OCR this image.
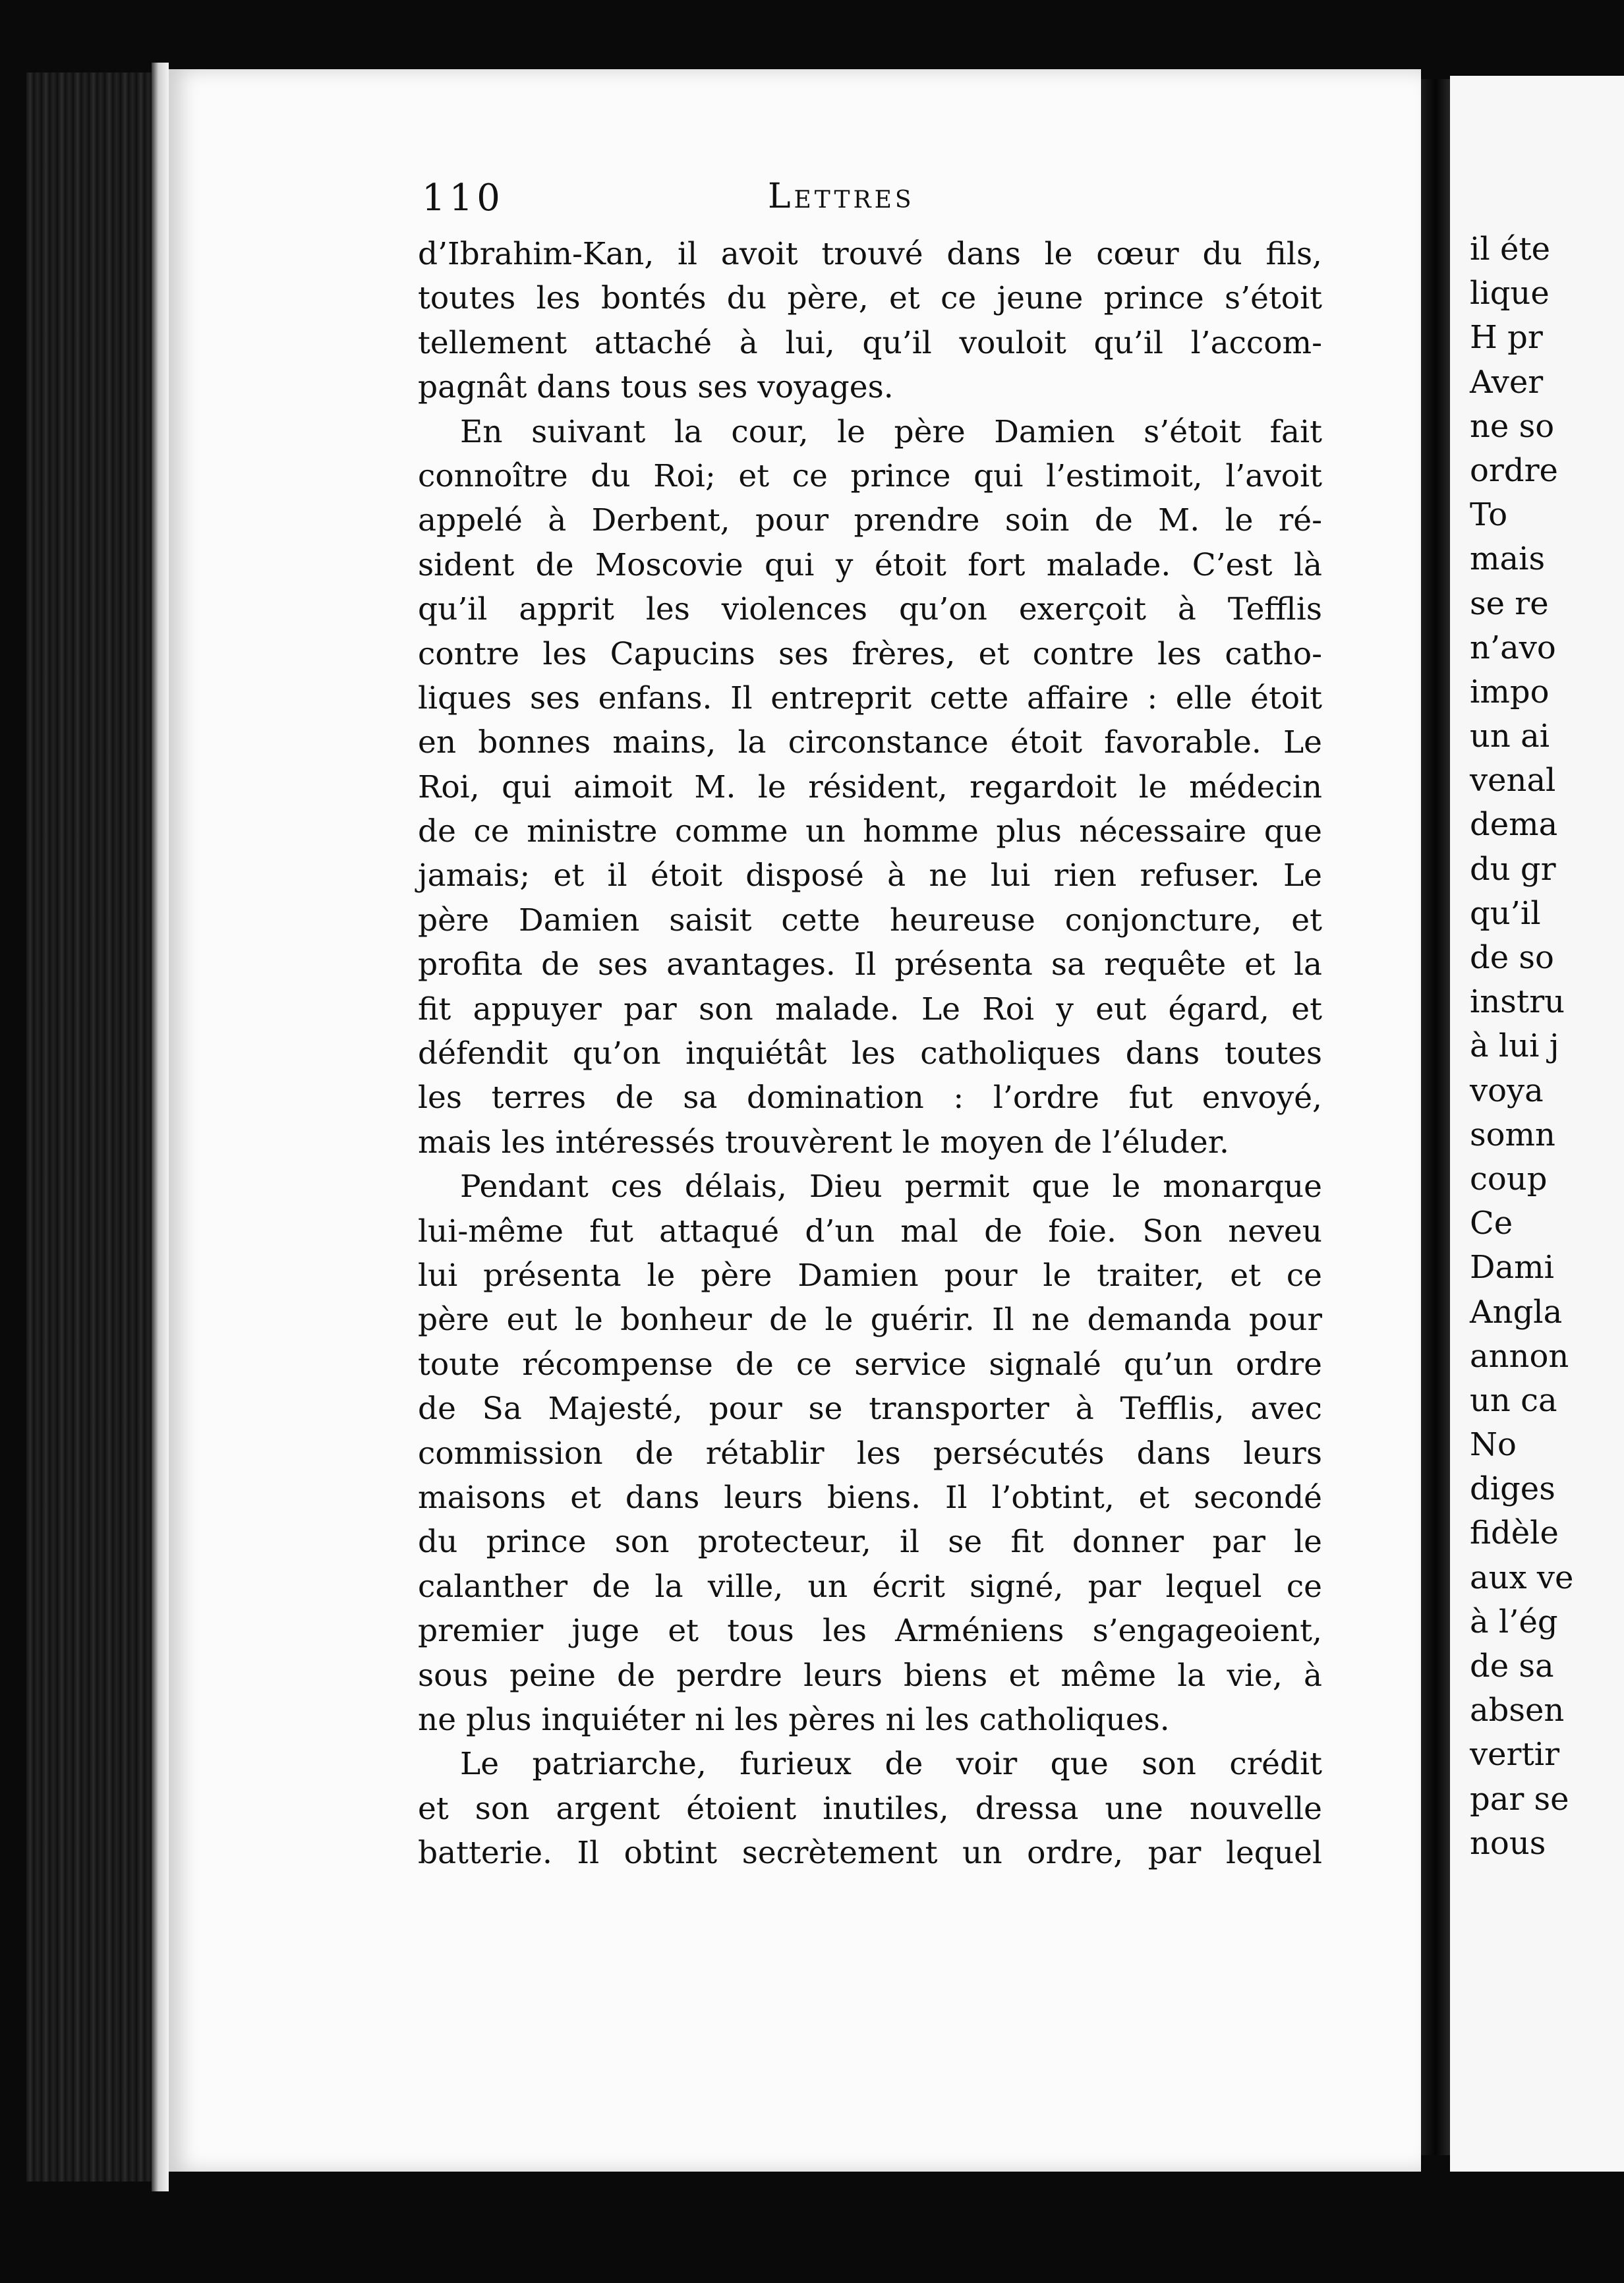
110	Lettres
d’Ibrahim-Kan, il avoit trouvé dans le cœur du fils,
toutes les bontés du père, et ce jeune prince s’étoit
tellement attaché à lui, qu’il vouloit qu’il l’accom-
pagnât dans tous ses voyages.
En suivant la cour, le père Damien s’étoit fait
connoître du Roi; et ce prince qui l’estimoit, l’avoit
appelé à Derbent, pour prendre soin de M. le ré-
sident de Moscovie qui y étoit fort malade. C’est là
qu’il apprit les violences qu’on exerçoit à Tefflis
contre les Capucins ses frères, et contre les catho-
liques ses enfans. Il entreprit cette affaire : elle étoit
en bonnes mains, la circonstance étoit favorable. Le
Roi, qui aimoit M. le résident, regardoit le médecin
de ce ministre comme un homme plus nécessaire que
jamais; et il étoit disposé à ne lui rien refuser. Le
père Damien saisit cette heureuse conjoncture, et
profita de ses avantages. Il présenta sa requête et la
fit appuyer par son malade. Le Roi y eut égard, et
défendit qu’on inquiétât les catholiques dans toutes
les terres de sa domination : l’ordre fut envoyé,
mais les intéressés trouvèrent le moyen de l’éluder.
Pendant ces délais, Dieu permit que le monarque
lui-même fut attaqué d’un mal de foie. Son neveu
lui présenta le père Damien pour le traiter, et ce
père eut le bonheur de le guérir. Il ne demanda pour
toute récompense de ce service signalé qu’un ordre
de Sa Majesté, pour se transporter à Tefflis, avec
commission de rétablir les persécutés dans leurs
maisons et dans leurs biens. Il l’obtint, et secondé
du prince son protecteur, il se fit donner par le
calanther de la ville, un écrit signé, par lequel ce
premier juge et tous les Arméniens s’engageoient,
sous peine de perdre leurs biens et même la vie, à
ne plus inquiéter ni les pères ni les catholiques.
Le patriarche, furieux de voir que son crédit
et son argent étoient inutiles, dressa une nouvelle
batterie. Il obtint secrètement un ordre, par lequel
il éte
lique
H pr
Aver
ne so
ordre
To
mais
se re
n’avo
impo
un ai
venal
dema
du gr
qu’il
de so
instru
à lui j
voya
somn
coup
Ce
Dami
Angla
annon
un ca
No
diges
fidèle
aux ve
à l’ég
de sa
absen
vertir
par se
nous
